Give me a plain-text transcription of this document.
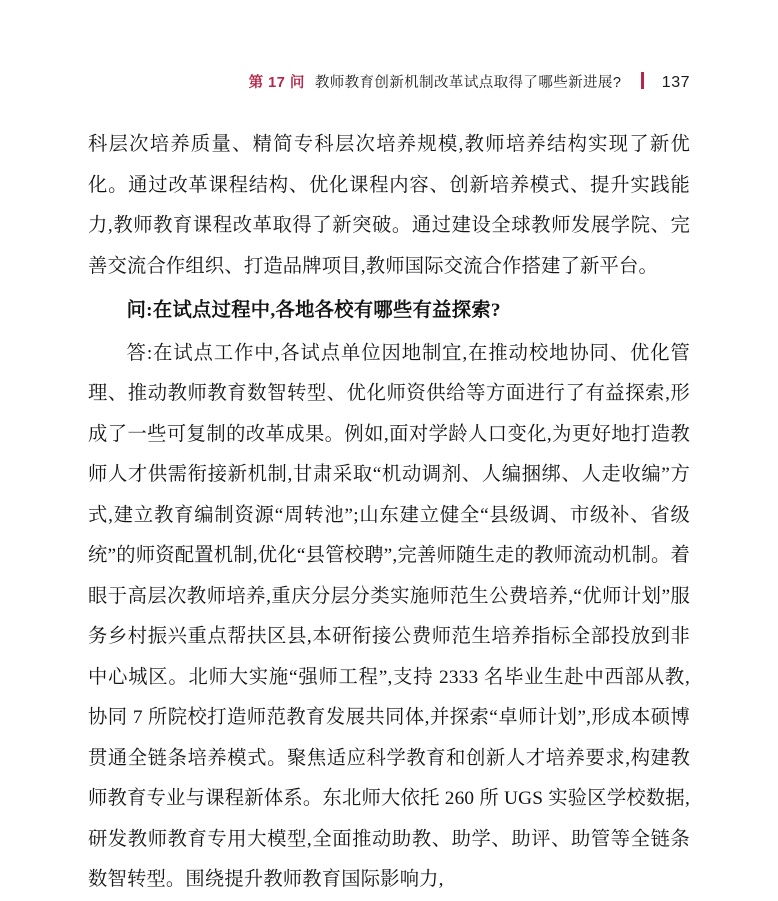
第 17 问 教师教育创新机制改革试点取得了哪些新进展?	137

科层次培养质量、精简专科层次培养规模,教师培养结构实现了新优化。通过改革课程结构、优化课程内容、创新培养模式、提升实践能力,教师教育课程改革取得了新突破。通过建设全球教师发展学院、完善交流合作组织、打造品牌项目,教师国际交流合作搭建了新平台。

问:在试点过程中,各地各校有哪些有益探索?

答:在试点工作中,各试点单位因地制宜,在推动校地协同、优化管理、推动教师教育数智转型、优化师资供给等方面进行了有益探索,形成了一些可复制的改革成果。例如,面对学龄人口变化,为更好地打造教师人才供需衔接新机制,甘肃采取“机动调剂、人编捆绑、人走收编”方式,建立教育编制资源“周转池”;山东建立健全“县级调、市级补、省级统”的师资配置机制,优化“县管校聘”,完善师随生走的教师流动机制。着眼于高层次教师培养,重庆分层分类实施师范生公费培养,“优师计划”服务乡村振兴重点帮扶区县,本研衔接公费师范生培养指标全部投放到非中心城区。北师大实施“强师工程”,支持 2333 名毕业生赴中西部从教,协同 7 所院校打造师范教育发展共同体,并探索“卓师计划”,形成本硕博贯通全链条培养模式。聚焦适应科学教育和创新人才培养要求,构建教师教育专业与课程新体系。东北师大依托 260 所 UGS 实验区学校数据,研发教师教育专用大模型,全面推动助教、助学、助评、助管等全链条数智转型。围绕提升教师教育国际影响力,
